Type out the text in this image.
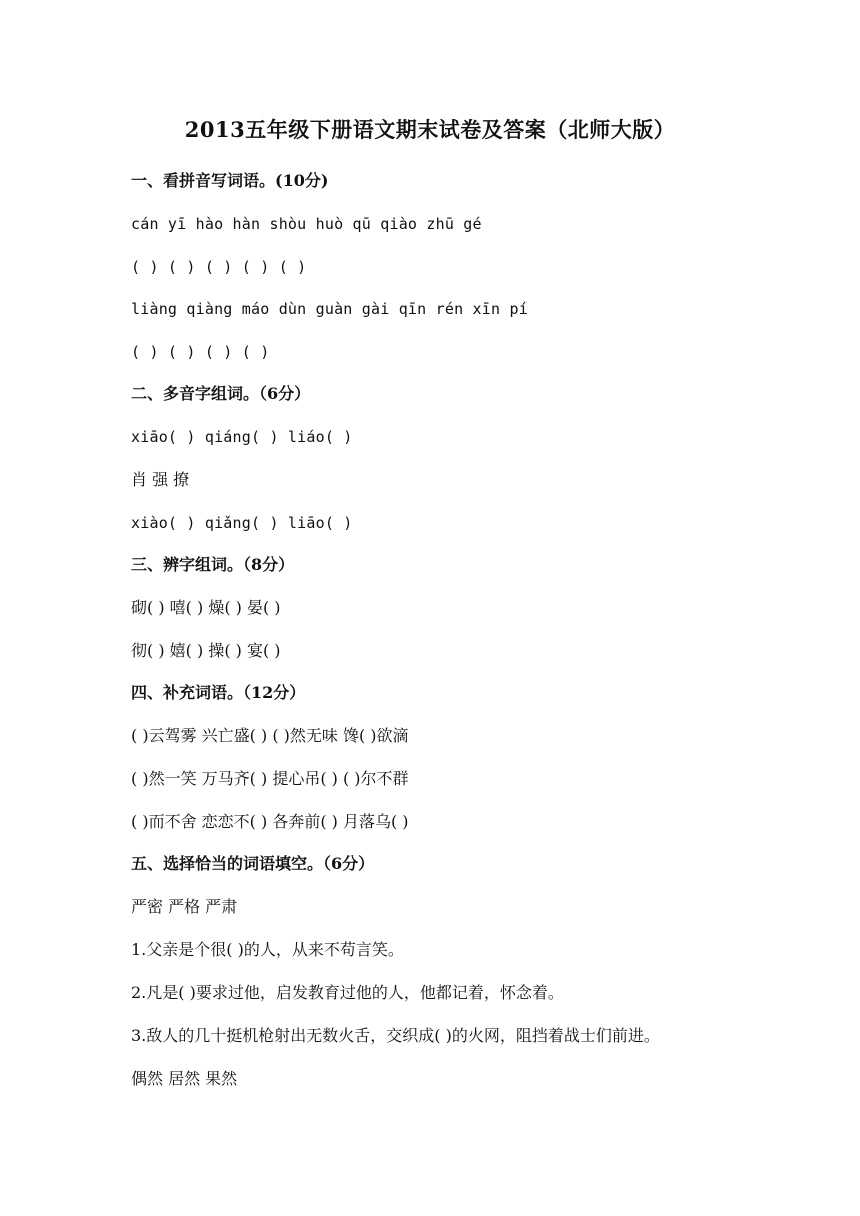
2013五年级下册语文期末试卷及答案（北师大版）
一、看拼音写词语。(10分)
cán yī hào hàn shòu huò qū qiào zhū gé
( ) ( ) ( ) ( ) ( )
liàng qiàng máo dùn guàn gài qīn rén xīn pí
( ) ( ) ( ) ( )
二、多音字组词。（6分）
xiāo( ) qiáng( ) liáo( )
肖 强 撩
xiào( ) qiǎng( ) liāo( )
三、辨字组词。（8分）
砌( ) 嘻( ) 燥( ) 晏( )
彻( ) 嬉( ) 操( ) 宴( )
四、补充词语。（12分）
( )云驾雾 兴亡盛( ) ( )然无味 馋( )欲滴
( )然一笑 万马齐( ) 提心吊( ) ( )尔不群
( )而不舍 恋恋不( ) 各奔前( ) 月落乌( )
五、选择恰当的词语填空。（6分）
严密 严格 严肃
1.父亲是个很( )的人，从来不苟言笑。
2.凡是( )要求过他，启发教育过他的人，他都记着，怀念着。
3.敌人的几十挺机枪射出无数火舌，交织成( )的火网，阻挡着战士们前进。
偶然 居然 果然
